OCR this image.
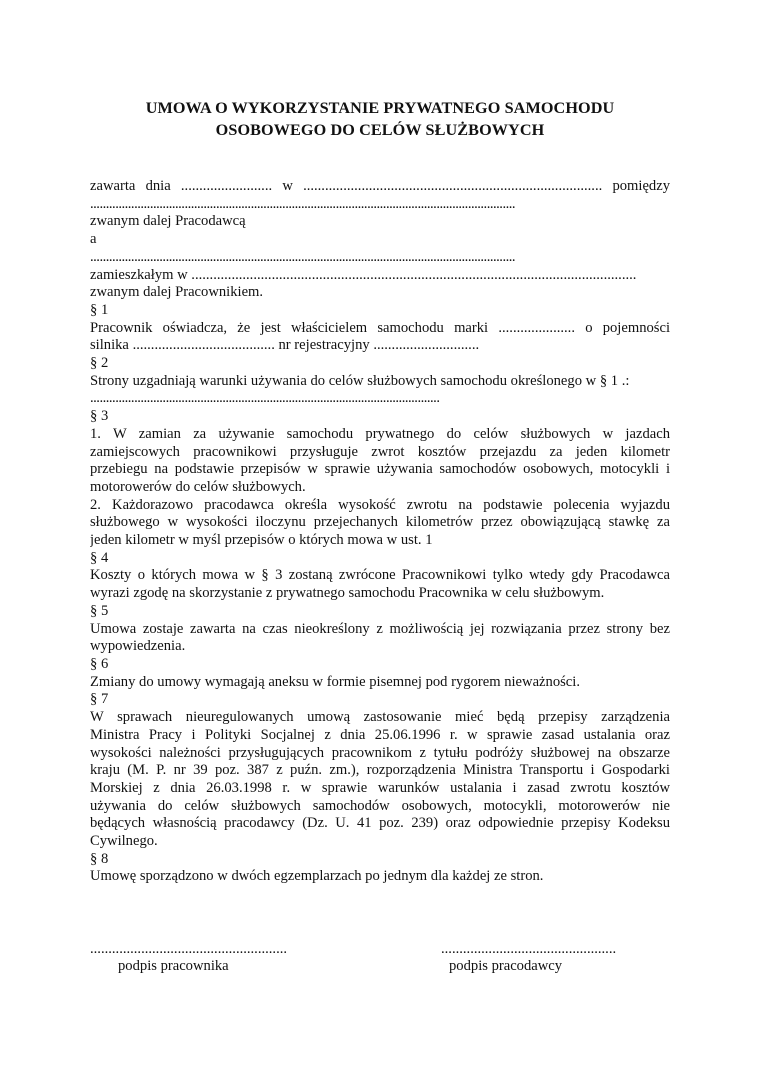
UMOWA O WYKORZYSTANIE PRYWATNEGO SAMOCHODU
OSOBOWEGO DO CELÓW SŁUŻBOWYCH
zawarta dnia ......................... w .................................................................................. pomiędzy
.......................................................................................................................................
zwanym dalej Pracodawcą
a
.......................................................................................................................................
zamieszkałym w ..........................................................................................................................
zwanym dalej Pracownikiem.
§ 1
Pracownik oświadcza, że jest właścicielem samochodu marki ..................... o pojemności
silnika ....................................... nr rejestracyjny .............................
§ 2
Strony uzgadniają warunki używania do celów służbowych samochodu określonego w § 1 .:
...............................................................................................................
§ 3
1. W zamian za używanie samochodu prywatnego do celów służbowych w jazdach
zamiejscowych pracownikowi przysługuje zwrot kosztów przejazdu za jeden kilometr
przebiegu na podstawie przepisów w sprawie używania samochodów osobowych, motocykli i
motorowerów do celów służbowych.
2. Każdorazowo pracodawca określa wysokość zwrotu na podstawie polecenia wyjazdu
służbowego w wysokości iloczynu przejechanych kilometrów przez obowiązującą stawkę za
jeden kilometr w myśl przepisów o których mowa w ust. 1
§ 4
Koszty o których mowa w § 3 zostaną zwrócone Pracownikowi tylko wtedy gdy Pracodawca
wyrazi zgodę na skorzystanie z prywatnego samochodu Pracownika w celu służbowym.
§ 5
Umowa zostaje zawarta na czas nieokreślony z możliwością jej rozwiązania przez strony bez
wypowiedzenia.
§ 6
Zmiany do umowy wymagają aneksu w formie pisemnej pod rygorem nieważności.
§ 7
W sprawach nieuregulowanych umową zastosowanie mieć będą przepisy zarządzenia
Ministra Pracy i Polityki Socjalnej z dnia 25.06.1996 r. w sprawie zasad ustalania oraz
wysokości należności przysługujących pracownikom z tytułu podróży służbowej na obszarze
kraju (M. P. nr 39 poz. 387 z puźn. zm.), rozporządzenia Ministra Transportu i Gospodarki
Morskiej z dnia 26.03.1998 r. w sprawie warunków ustalania i zasad zwrotu kosztów
używania do celów służbowych samochodów osobowych, motocykli, motorowerów nie
będących własnością pracodawcy (Dz. U. 41 poz. 239) oraz odpowiednie przepisy Kodeksu
Cywilnego.
§ 8
Umowę sporządzono w dwóch egzemplarzach po jednym dla każdej ze stron.
......................................................
podpis pracownika
................................................
podpis pracodawcy
